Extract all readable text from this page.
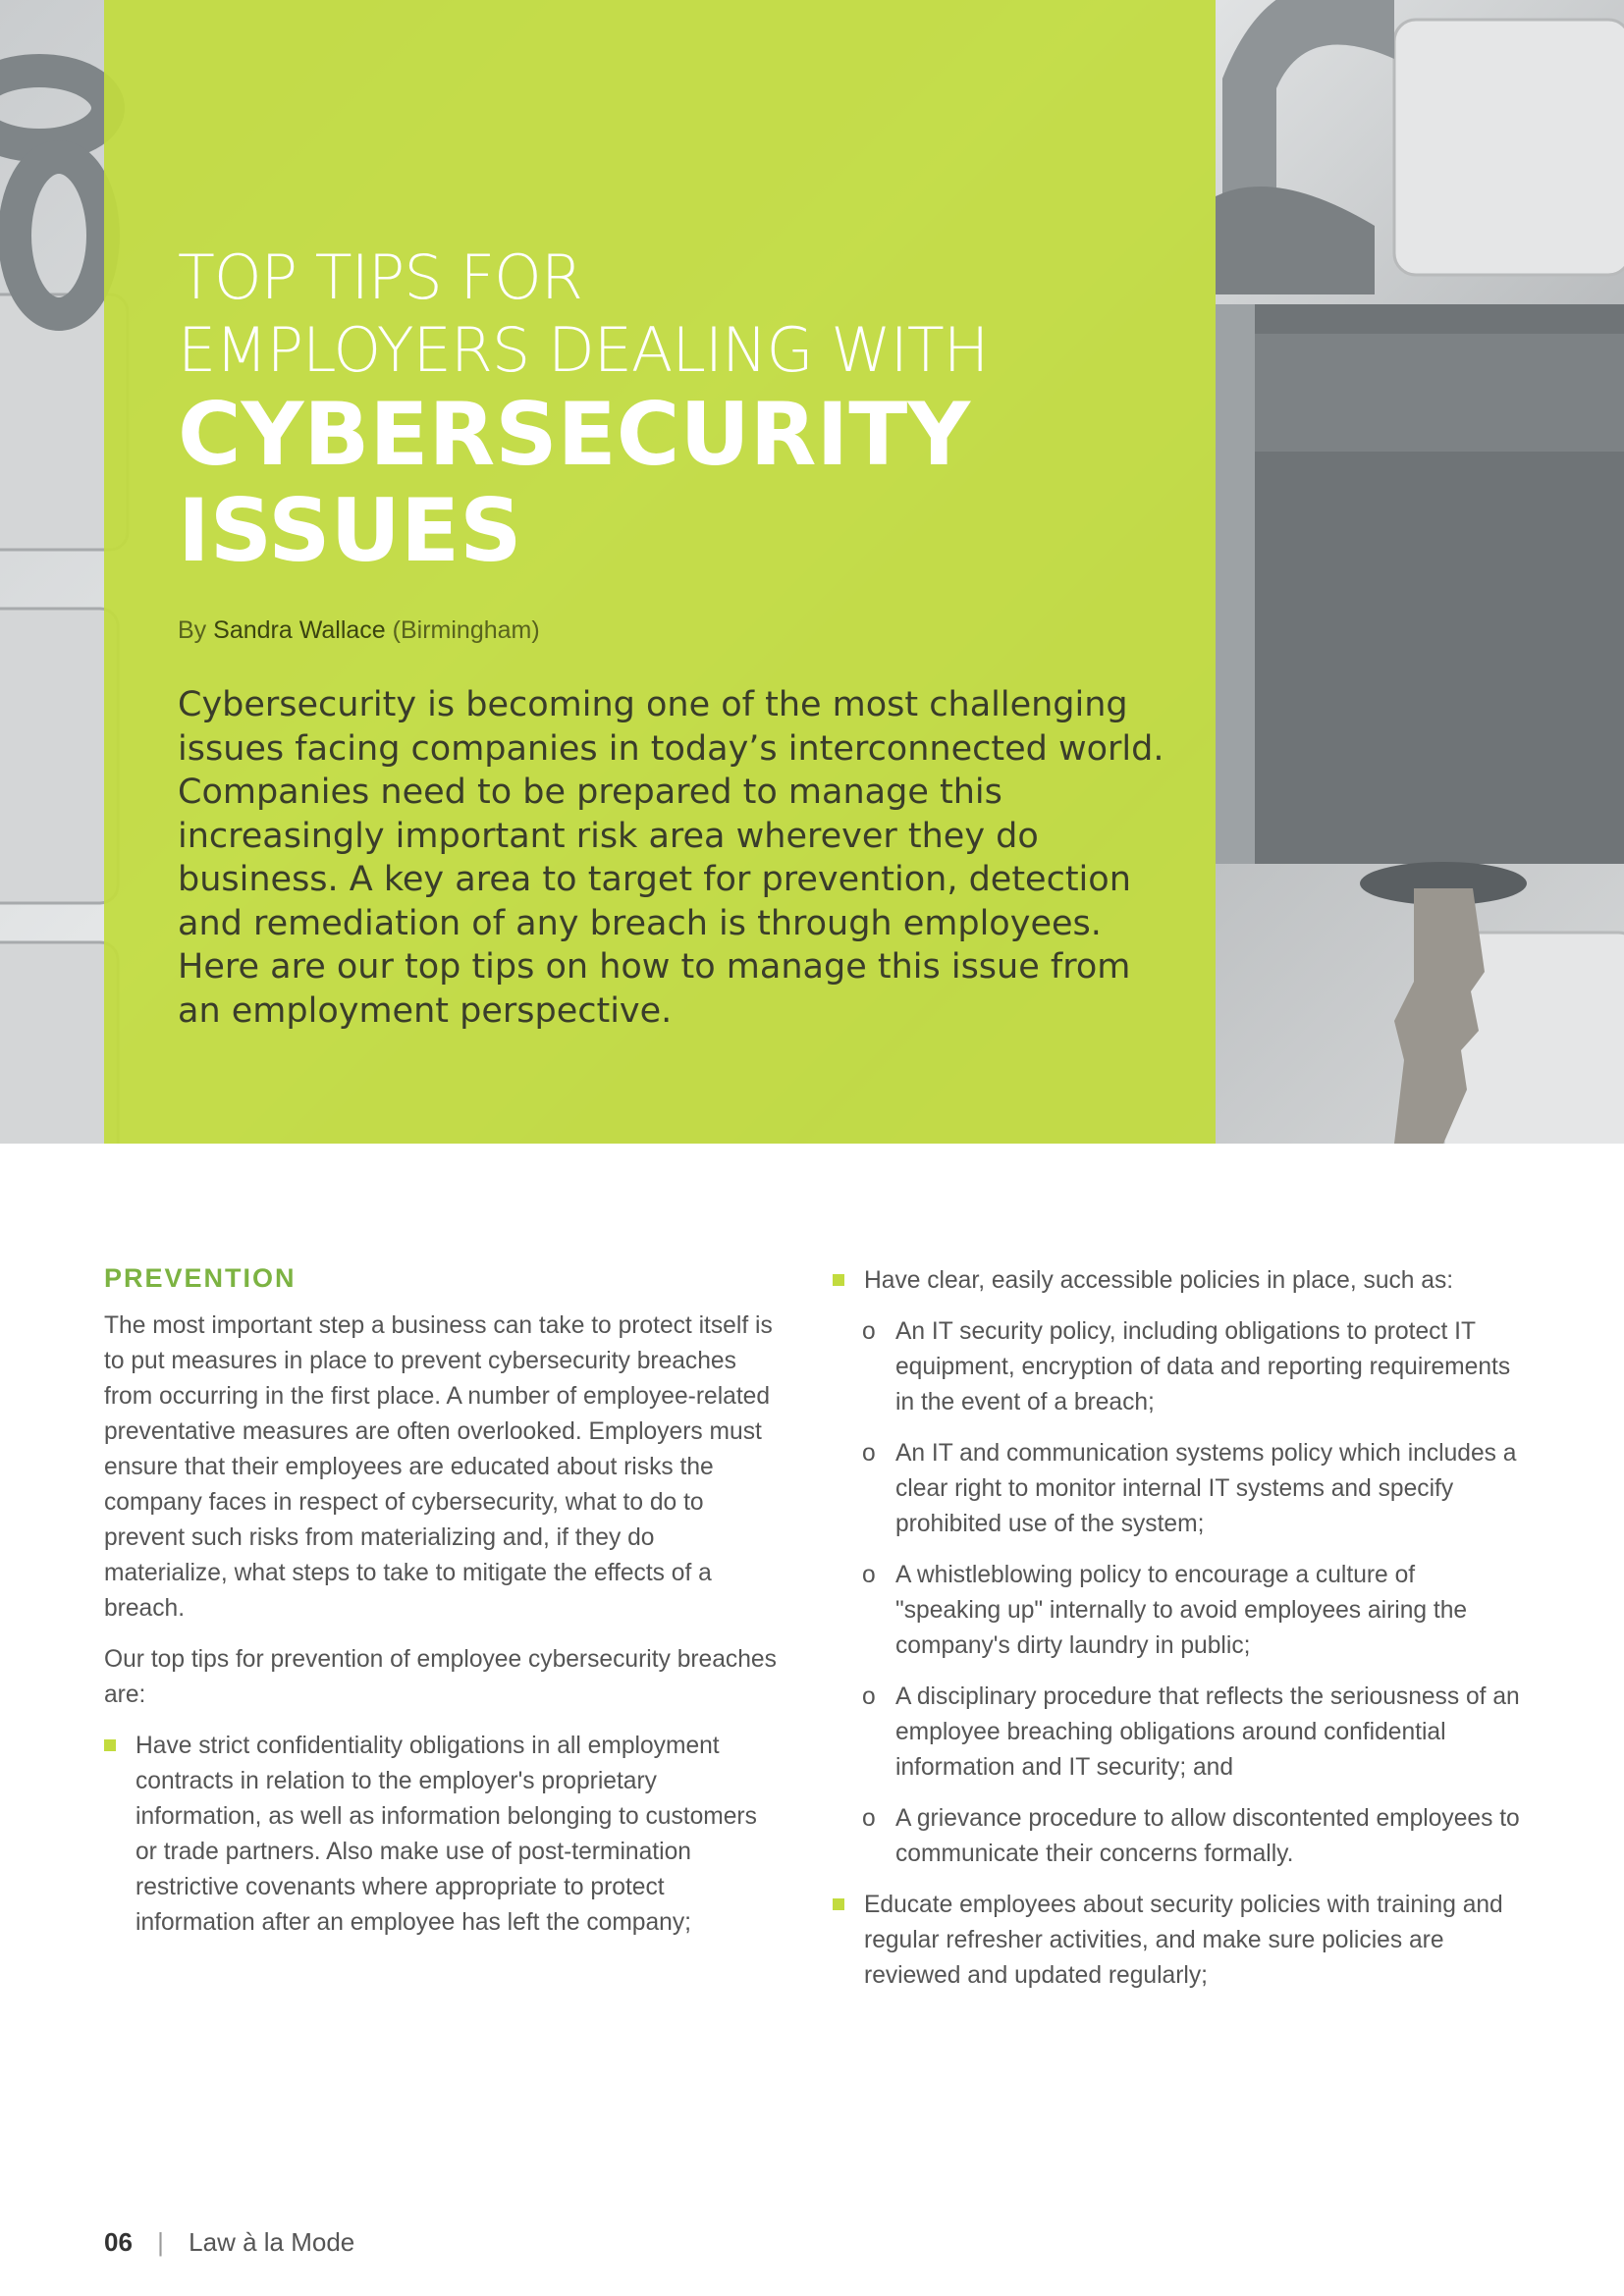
TOP TIPS FOR
EMPLOYERS DEALING WITH
CYBERSECURITY
ISSUES
By Sandra Wallace (Birmingham)
Cybersecurity is becoming one of the most challenging issues facing companies in today’s interconnected world. Companies need to be prepared to manage this increasingly important risk area wherever they do business. A key area to target for prevention, detection and remediation of any breach is through employees. Here are our top tips on how to manage this issue from an employment perspective.
PREVENTION
The most important step a business can take to protect itself is to put measures in place to prevent cybersecurity breaches from occurring in the first place. A number of employee-related preventative measures are often overlooked. Employers must ensure that their employees are educated about risks the company faces in respect of cybersecurity, what to do to prevent such risks from materializing and, if they do materialize, what steps to take to mitigate the effects of a breach.
Our top tips for prevention of employee cybersecurity breaches are:
Have strict confidentiality obligations in all employment contracts in relation to the employer's proprietary information, as well as information belonging to customers or trade partners. Also make use of post-termination restrictive covenants where appropriate to protect information after an employee has left the company;
Have clear, easily accessible policies in place, such as:
o An IT security policy, including obligations to protect IT equipment, encryption of data and reporting requirements in the event of a breach;
o An IT and communication systems policy which includes a clear right to monitor internal IT systems and specify prohibited use of the system;
o A whistleblowing policy to encourage a culture of "speaking up" internally to avoid employees airing the company's dirty laundry in public;
o A disciplinary procedure that reflects the seriousness of an employee breaching obligations around confidential information and IT security; and
o A grievance procedure to allow discontented employees to communicate their concerns formally.
Educate employees about security policies with training and regular refresher activities, and make sure policies are reviewed and updated regularly;
06 | Law à la Mode
